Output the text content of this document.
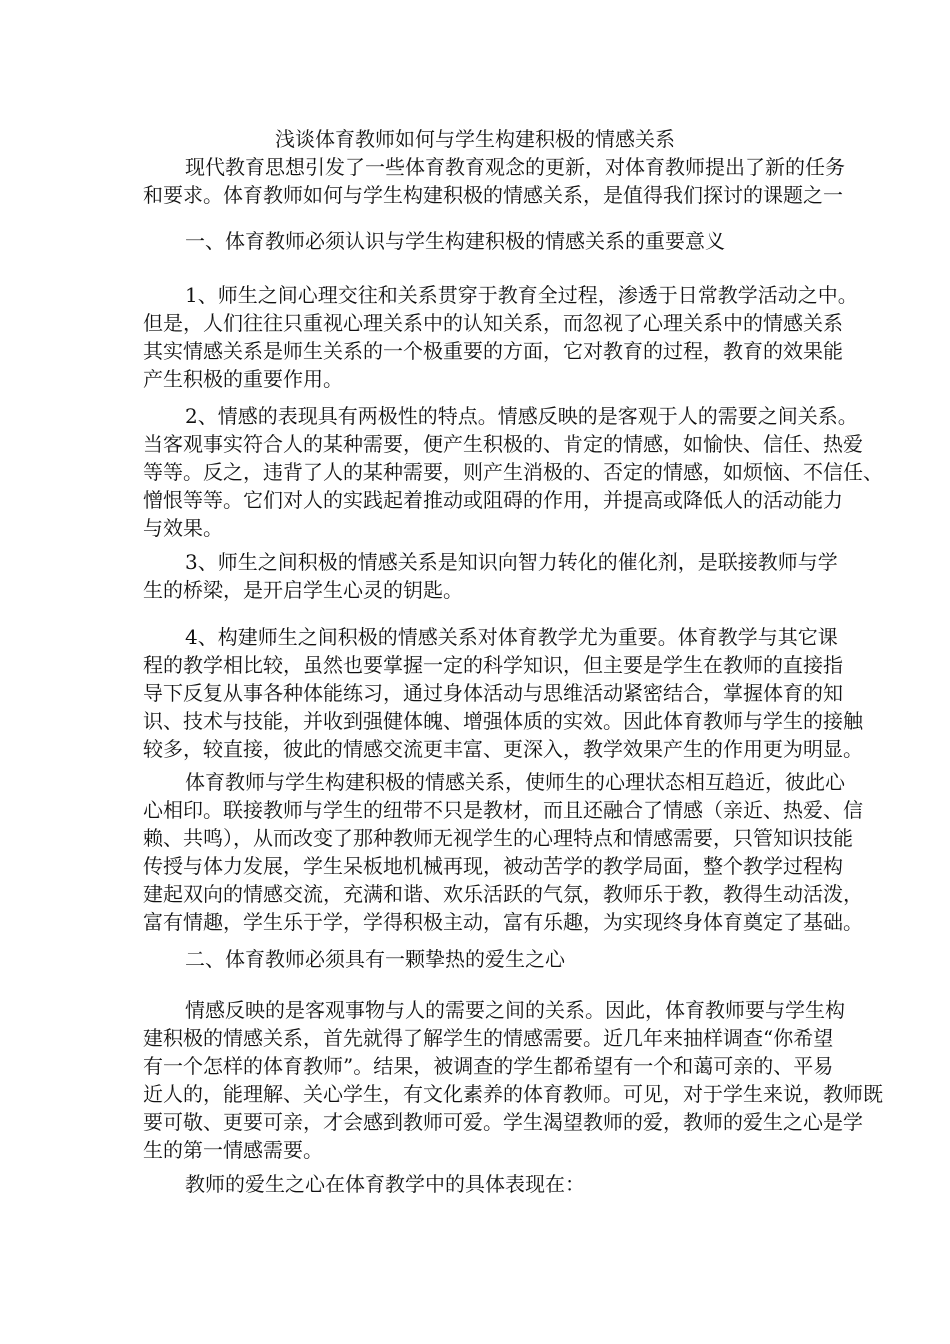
浅谈体育教师如何与学生构建积极的情感关系
现代教育思想引发了一些体育教育观念的更新，对体育教师提出了新的任务
和要求。体育教师如何与学生构建积极的情感关系，是值得我们探讨的课题之一
一、体育教师必须认识与学生构建积极的情感关系的重要意义
1、师生之间心理交往和关系贯穿于教育全过程，渗透于日常教学活动之中。
但是，人们往往只重视心理关系中的认知关系，而忽视了心理关系中的情感关系
其实情感关系是师生关系的一个极重要的方面，它对教育的过程，教育的效果能
产生积极的重要作用。
2、情感的表现具有两极性的特点。情感反映的是客观于人的需要之间关系。
当客观事实符合人的某种需要，便产生积极的、肯定的情感，如愉快、信任、热爱
等等。反之，违背了人的某种需要，则产生消极的、否定的情感，如烦恼、不信任、
憎恨等等。它们对人的实践起着推动或阻碍的作用，并提高或降低人的活动能力
与效果。
3、师生之间积极的情感关系是知识向智力转化的催化剂，是联接教师与学
生的桥梁，是开启学生心灵的钥匙。
4、构建师生之间积极的情感关系对体育教学尤为重要。体育教学与其它课
程的教学相比较，虽然也要掌握一定的科学知识，但主要是学生在教师的直接指
导下反复从事各种体能练习，通过身体活动与思维活动紧密结合，掌握体育的知
识、技术与技能，并收到强健体魄、增强体质的实效。因此体育教师与学生的接触
较多，较直接，彼此的情感交流更丰富、更深入，教学效果产生的作用更为明显。
体育教师与学生构建积极的情感关系，使师生的心理状态相互趋近，彼此心
心相印。联接教师与学生的纽带不只是教材，而且还融合了情感（亲近、热爱、信
赖、共鸣），从而改变了那种教师无视学生的心理特点和情感需要，只管知识技能
传授与体力发展，学生呆板地机械再现，被动苦学的教学局面，整个教学过程构
建起双向的情感交流，充满和谐、欢乐活跃的气氛，教师乐于教，教得生动活泼，
富有情趣，学生乐于学，学得积极主动，富有乐趣，为实现终身体育奠定了基础。
二、体育教师必须具有一颗挚热的爱生之心
情感反映的是客观事物与人的需要之间的关系。因此，体育教师要与学生构
建积极的情感关系，首先就得了解学生的情感需要。近几年来抽样调查“你希望
有一个怎样的体育教师”。结果，被调查的学生都希望有一个和蔼可亲的、平易
近人的，能理解、关心学生，有文化素养的体育教师。可见，对于学生来说，教师既
要可敬、更要可亲，才会感到教师可爱。学生渴望教师的爱，教师的爱生之心是学
生的第一情感需要。
教师的爱生之心在体育教学中的具体表现在：
